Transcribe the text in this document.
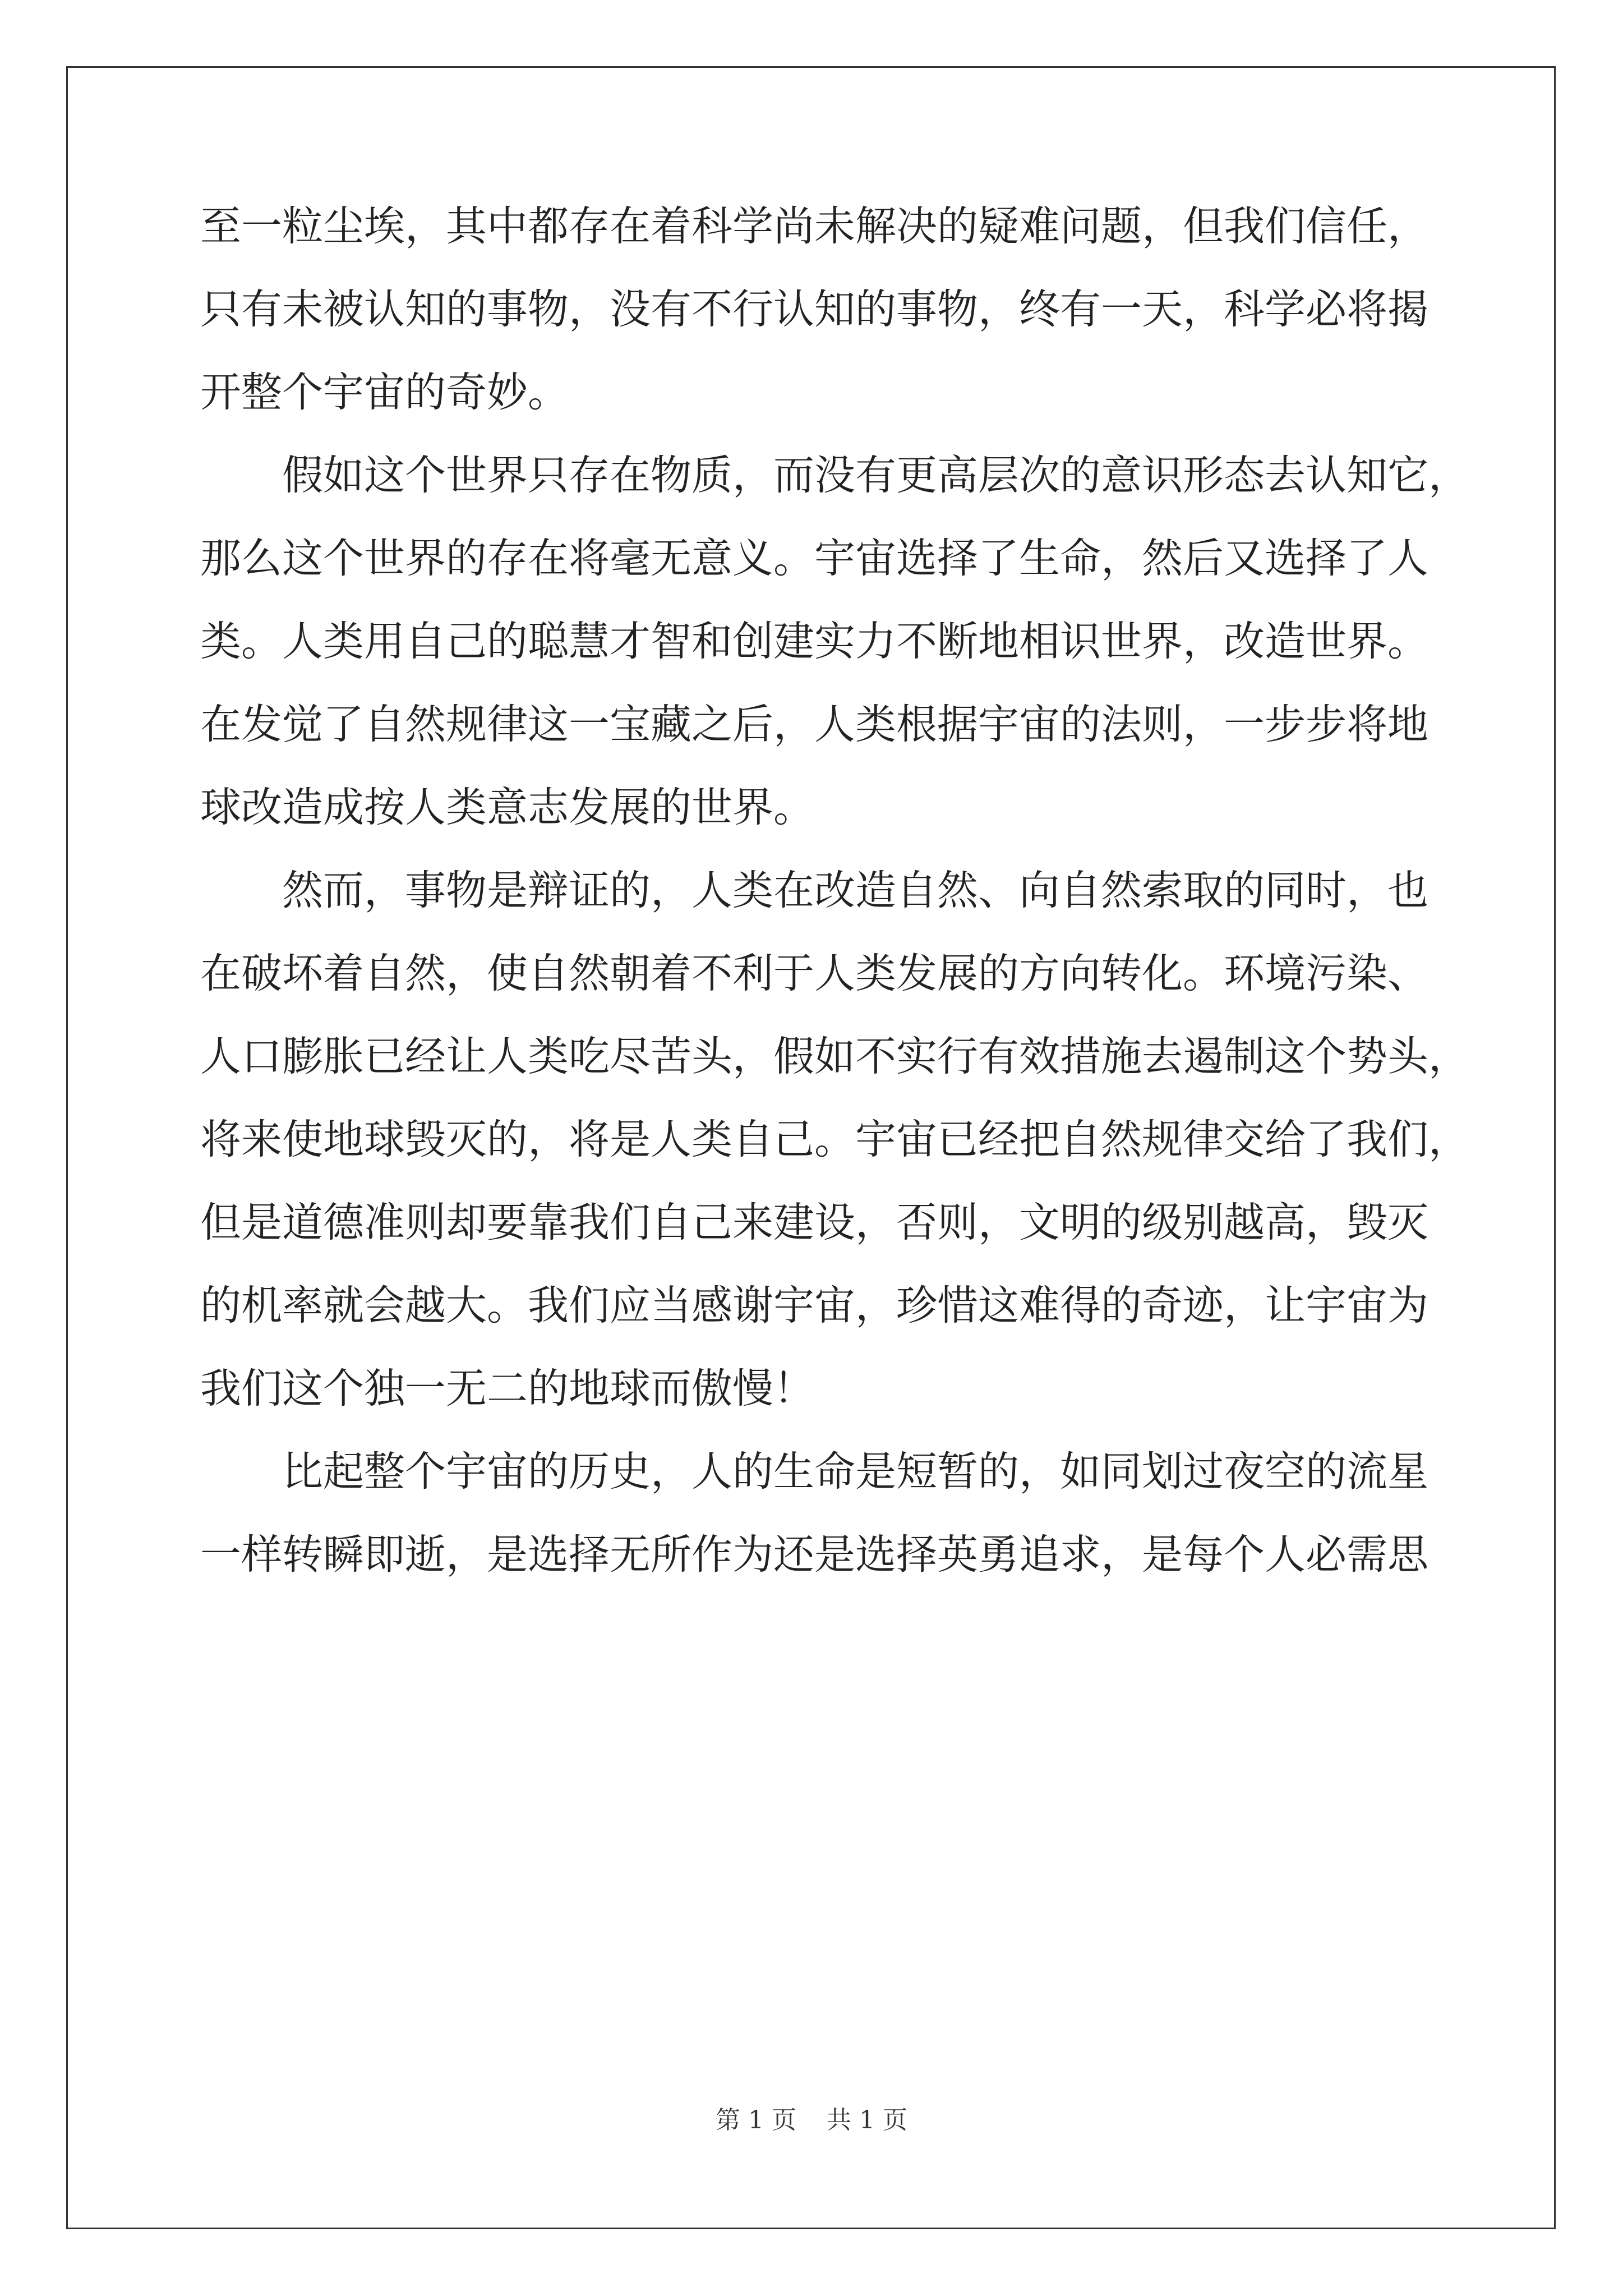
至一粒尘埃，其中都存在着科学尚未解决的疑难问题，但我们信任，
只有未被认知的事物，没有不行认知的事物，终有一天，科学必将揭
开整个宇宙的奇妙。
　　假如这个世界只存在物质，而没有更高层次的意识形态去认知它，
那么这个世界的存在将毫无意义。宇宙选择了生命，然后又选择了人
类。人类用自己的聪慧才智和创建实力不断地相识世界，改造世界。
在发觉了自然规律这一宝藏之后，人类根据宇宙的法则，一步步将地
球改造成按人类意志发展的世界。
　　然而，事物是辩证的，人类在改造自然、向自然索取的同时，也
在破坏着自然，使自然朝着不利于人类发展的方向转化。环境污染、
人口膨胀已经让人类吃尽苦头，假如不实行有效措施去遏制这个势头，
将来使地球毁灭的，将是人类自己。宇宙已经把自然规律交给了我们，
但是道德准则却要靠我们自己来建设，否则，文明的级别越高，毁灭
的机率就会越大。我们应当感谢宇宙，珍惜这难得的奇迹，让宇宙为
我们这个独一无二的地球而傲慢！
　　比起整个宇宙的历史，人的生命是短暂的，如同划过夜空的流星
一样转瞬即逝，是选择无所作为还是选择英勇追求，是每个人必需思
第 1 页 共 1 页
